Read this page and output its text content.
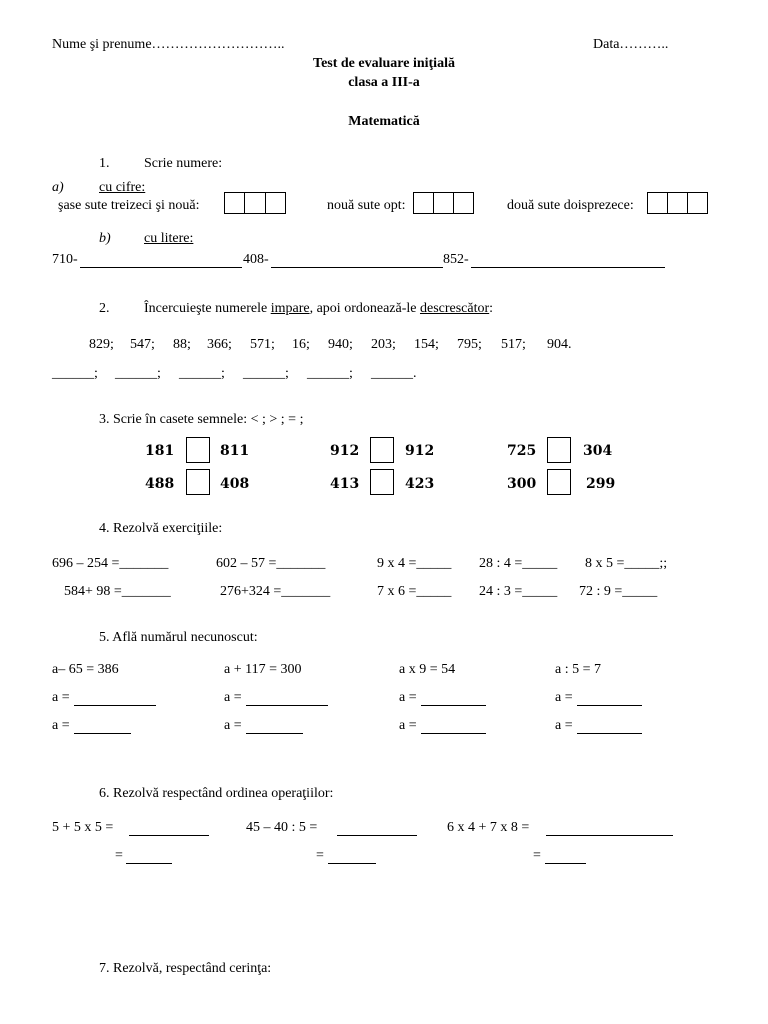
Nume şi prenume………………………..	Data………..
Test de evaluare iniţială
clasa a III-a
Matematică
1. Scrie numere:
a)	cu cifre:
şase sute treizeci şi nouă:	nouă sute opt:	două sute doisprezece:
b) cu litere:
710-	408-	852-
2. Încercuieşte numerele impare, apoi ordonează-le descrescător:
829; 547; 88; 366; 571; 16; 940; 203; 154; 795; 517; 904.
______; ______; ______; ______; ______; ______.
3. Scrie în casete semnele: < ; > ; = ;
181	811	912	912	725	304
488	408	413	423	300	299
4. Rezolvă exerciţiile:
696 – 254 =_______	602 – 57 =_______	9 x 4 =_____ 28 : 4 =_____ 8 x 5 =_____;;
584+ 98 =_______	276+324 =_______	7 x 6 =_____ 24 : 3 =_____ 72 : 9 =_____
5. Află numărul necunoscut:
a– 65 = 386	a + 117 = 300	a x 9 = 54	a : 5 = 7
a =	a =	a =	a =
a =	a =	a =	a =
6. Rezolvă respectând ordinea operaţiilor:
5 + 5 x 5 =	45 – 40 : 5 =	6 x 4 + 7 x 8 =
=	=	=
7. Rezolvă, respectând cerinţa:
